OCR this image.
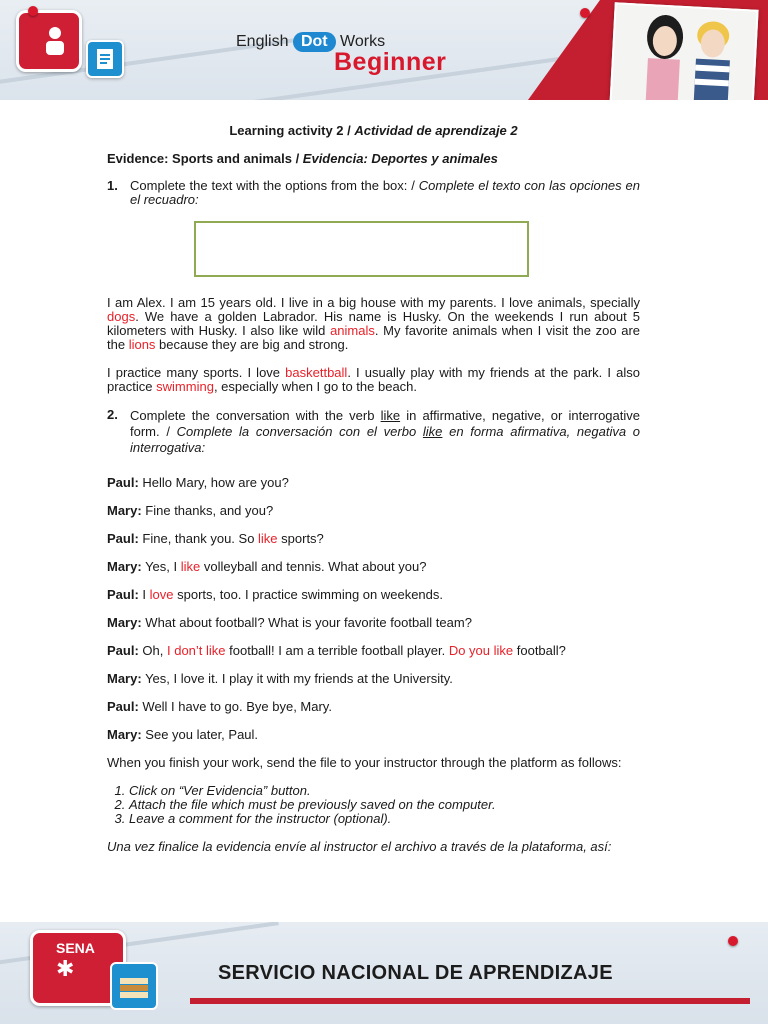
English Dot Works
Beginner
Learning activity 2 / Actividad de aprendizaje 2
Evidence: Sports and animals / Evidencia: Deportes y animales
1. Complete the text with the options from the box: / Complete el texto con las opciones en el recuadro:

I am Alex. I am 15 years old. I live in a big house with my parents. I love animals, specially dogs. We have a golden Labrador. His name is Husky. On the weekends I run about 5 kilometers with Husky. I also like wild animals. My favorite animals when I visit the zoo are the lions because they are big and strong.

I practice many sports. I love baskettball. I usually play with my friends at the park. I also practice swimming, especially when I go to the beach.

2. Complete the conversation with the verb like in affirmative, negative, or interrogative form. / Complete la conversación con el verbo like en forma afirmativa, negativa o interrogativa:

Paul: Hello Mary, how are you?

Mary: Fine thanks, and you?

Paul: Fine, thank you. So like sports?

Mary: Yes, I like volleyball and tennis. What about you?

Paul: I love sports, too. I practice swimming on weekends.

Mary: What about football? What is your favorite football team?

Paul: Oh, I don’t like football! I am a terrible football player. Do you like football?

Mary: Yes, I love it. I play it with my friends at the University.

Paul: Well I have to go. Bye bye, Mary.

Mary: See you later, Paul.

When you finish your work, send the file to your instructor through the platform as follows:

1. Click on “Ver Evidencia” button.
2. Attach the file which must be previously saved on the computer.
3. Leave a comment for the instructor (optional).

Una vez finalice la evidencia envíe al instructor el archivo a través de la plataforma, así:

SENA
✱	SERVICIO NACIONAL DE APRENDIZAJE
